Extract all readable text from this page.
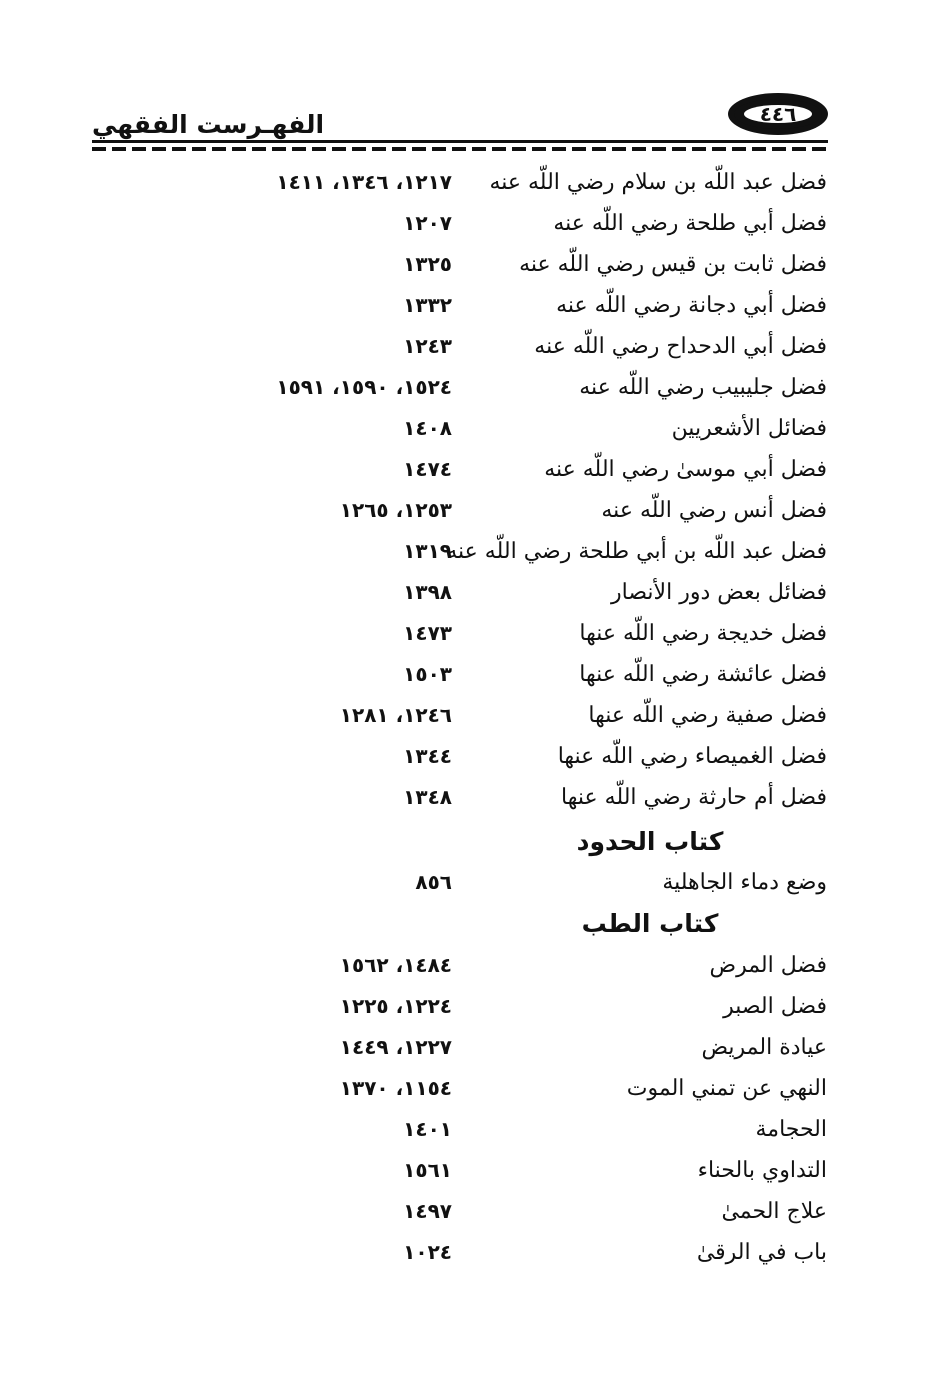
الفهـرست الفقهي	٤٤٦
فضل عبد اللّه بن سلام رضي اللّه عنه
١٢١٧، ١٣٤٦، ١٤١١
فضل أبي طلحة رضي اللّه عنه
١٢٠٧
فضل ثابت بن قيس رضي اللّه عنه
١٣٢٥
فضل أبي دجانة رضي اللّه عنه
١٣٣٢
فضل أبي الدحداح رضي اللّه عنه
١٢٤٣
فضل جليبيب رضي اللّه عنه
١٥٢٤، ١٥٩٠، ١٥٩١
فضائل الأشعريين
١٤٠٨
فضل أبي موسىٰ رضي اللّه عنه
١٤٧٤
فضل أنس رضي اللّه عنه
١٢٥٣، ١٢٦٥
فضل عبد اللّه بن أبي طلحة رضي اللّه عنه
١٣١٩
فضائل بعض دور الأنصار
١٣٩٨
فضل خديجة رضي اللّه عنها
١٤٧٣
فضل عائشة رضي اللّه عنها
١٥٠٣
فضل صفية رضي اللّه عنها
١٢٤٦، ١٢٨١
فضل الغميصاء رضي اللّه عنها
١٣٤٤
فضل أم حارثة رضي اللّه عنها
١٣٤٨
كتاب الحدود
وضع دماء الجاهلية
٨٥٦
كتاب الطب
فضل المرض
١٤٨٤، ١٥٦٢
فضل الصبر
١٢٢٤، ١٢٢٥
عيادة المريض
١٢٢٧، ١٤٤٩
النهي عن تمني الموت
١١٥٤، ١٣٧٠
الحجامة
١٤٠١
التداوي بالحناء
١٥٦١
علاج الحمىٰ
١٤٩٧
باب في الرقىٰ
١٠٢٤
